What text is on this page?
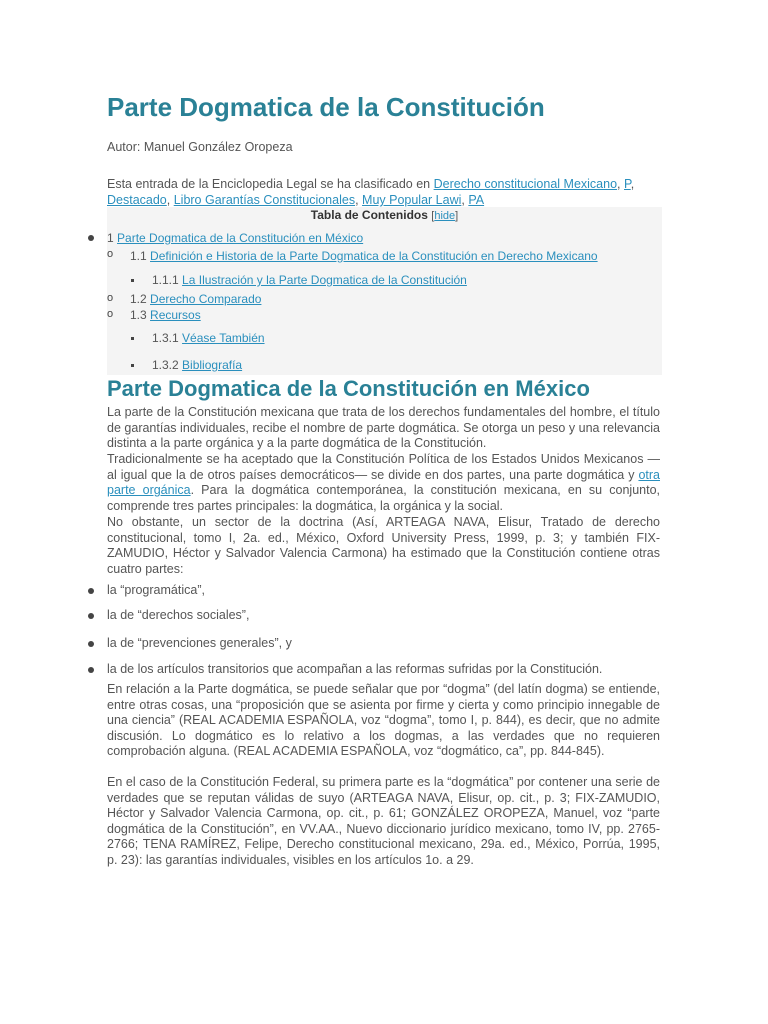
Parte Dogmatica de la Constitución
Autor: Manuel González Oropeza
Esta entrada de la Enciclopedia Legal se ha clasificado en Derecho constitucional Mexicano, P, Destacado, Libro Garantías Constitucionales, Muy Popular Lawi, PA
Tabla de Contenidos [hide]
1 Parte Dogmatica de la Constitución en México
o 1.1 Definición e Historia de la Parte Dogmatica de la Constitución en Derecho Mexicano
1.1.1 La Ilustración y la Parte Dogmatica de la Constitución
o 1.2 Derecho Comparado
o 1.3 Recursos
1.3.1 Véase También
1.3.2 Bibliografía
Parte Dogmatica de la Constitución en México

La parte de la Constitución mexicana que trata de los derechos fundamentales del hombre, el título de garantías individuales, recibe el nombre de parte dogmática. Se otorga un peso y una relevancia distinta a la parte orgánica y a la parte dogmática de la Constitución.

Tradicionalmente se ha aceptado que la Constitución Política de los Estados Unidos Mexicanos —al igual que la de otros países democráticos— se divide en dos partes, una parte dogmática y otra parte orgánica. Para la dogmática contemporánea, la constitución mexicana, en su conjunto, comprende tres partes principales: la dogmática, la orgánica y la social.

No obstante, un sector de la doctrina (Así, ARTEAGA NAVA, Elisur, Tratado de derecho constitucional, tomo I, 2a. ed., México, Oxford University Press, 1999, p. 3; y también FIX-ZAMUDIO, Héctor y Salvador Valencia Carmona) ha estimado que la Constitución contiene otras cuatro partes:

la “programática”,
la de “derechos sociales”,
la de “prevenciones generales”, y
la de los artículos transitorios que acompañan a las reformas sufridas por la Constitución.

En relación a la Parte dogmática, se puede señalar que por “dogma” (del latín dogma) se entiende, entre otras cosas, una “proposición que se asienta por firme y cierta y como principio innegable de una ciencia” (REAL ACADEMIA ESPAÑOLA, voz “dogma”, tomo I, p. 844), es decir, que no admite discusión. Lo dogmático es lo relativo a los dogmas, a las verdades que no requieren comprobación alguna. (REAL ACADEMIA ESPAÑOLA, voz “dogmático, ca”, pp. 844-845).

En el caso de la Constitución Federal, su primera parte es la “dogmática” por contener una serie de verdades que se reputan válidas de suyo (ARTEAGA NAVA, Elisur, op. cit., p. 3; FIX-ZAMUDIO, Héctor y Salvador Valencia Carmona, op. cit., p. 61; GONZÁLEZ OROPEZA, Manuel, voz “parte dogmática de la Constitución”, en VV.AA., Nuevo diccionario jurídico mexicano, tomo IV, pp. 2765-2766; TENA RAMÍREZ, Felipe, Derecho constitucional mexicano, 29a. ed., México, Porrúa, 1995, p. 23): las garantías individuales, visibles en los artículos 1o. a 29.
